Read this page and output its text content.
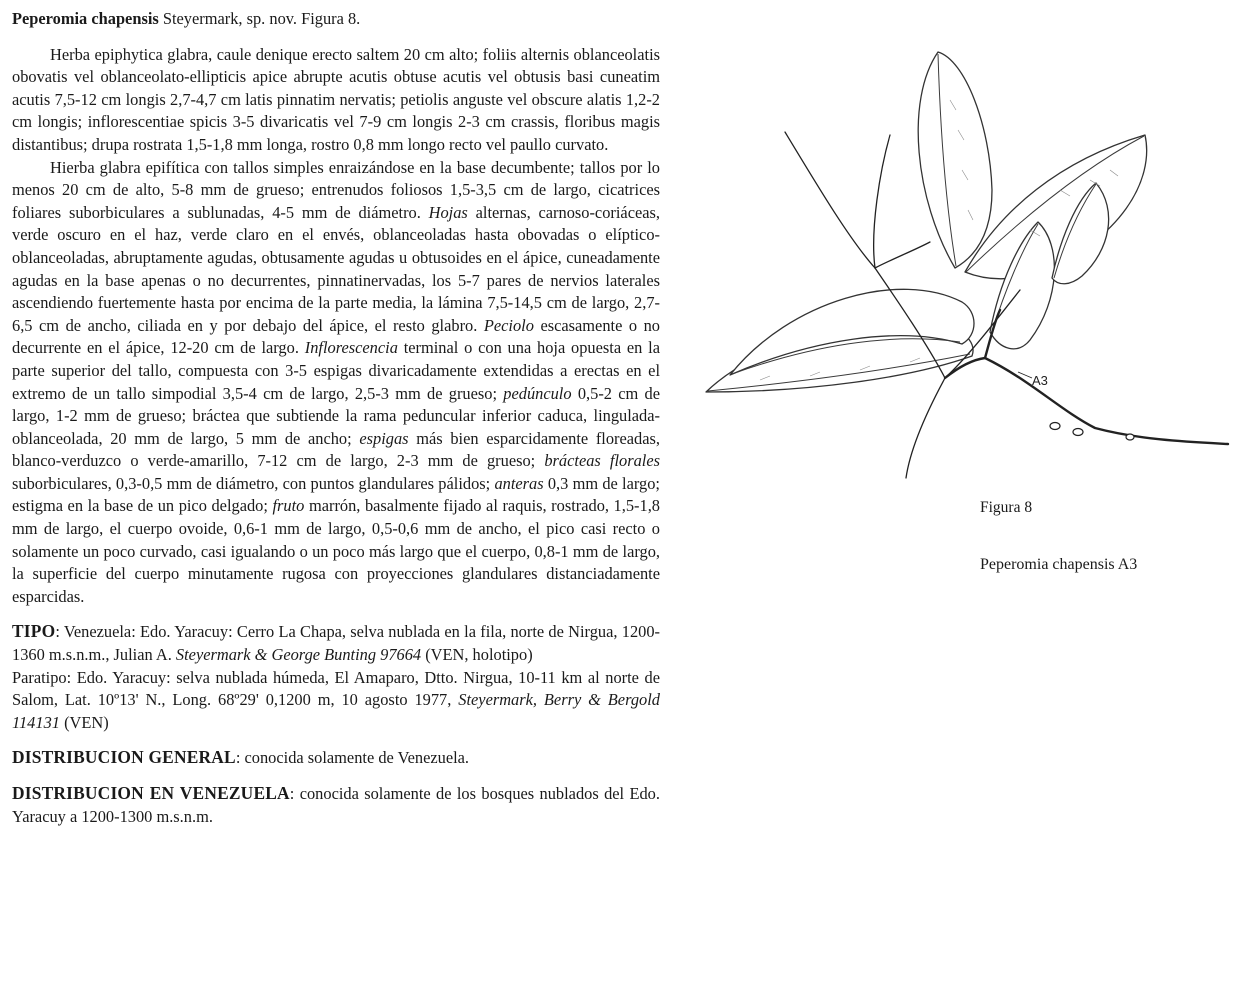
Peperomia chapensis Steyermark, sp. nov. Figura 8.

Herba epiphytica glabra, caule denique erecto saltem 20 cm alto; foliis alternis oblanceolatis obovatis vel oblanceolato-ellipticis apice abrupte acutis obtuse acutis vel obtusis basi cuneatim acutis 7,5-12 cm longis 2,7-4,7 cm latis pinnatim nervatis; petiolis anguste vel obscure alatis 1,2-2 cm longis; inflorescentiae spicis 3-5 divaricatis vel 7-9 cm longis 2-3 cm crassis, floribus magis distantibus; drupa rostrata 1,5-1,8 mm longa, rostro 0,8 mm longo recto vel paullo curvato.

Hierba glabra epifítica con tallos simples enraizándose en la base decumbente; tallos por lo menos 20 cm de alto, 5-8 mm de grueso; entrenudos foliosos 1,5-3,5 cm de largo, cicatrices foliares suborbiculares a sublunadas, 4-5 mm de diámetro. Hojas alternas, carnoso-coriáceas, verde oscuro en el haz, verde claro en el envés, oblanceoladas hasta obovadas o elíptico-oblanceoladas, abruptamente agudas, obtusamente agudas u obtusoides en el ápice, cuneadamente agudas en la base apenas o no decurrentes, pinnatinervadas, los 5-7 pares de nervios laterales ascendiendo fuertemente hasta por encima de la parte media, la lámina 7,5-14,5 cm de largo, 2,7-6,5 cm de ancho, ciliada en y por debajo del ápice, el resto glabro. Peciolo escasamente o no decurrente en el ápice, 12-20 cm de largo. Inflorescencia terminal o con una hoja opuesta en la parte superior del tallo, compuesta con 3-5 espigas divaricadamente extendidas a erectas en el extremo de un tallo simpodial 3,5-4 cm de largo, 2,5-3 mm de grueso; pedúnculo 0,5-2 cm de largo, 1-2 mm de grueso; bráctea que subtiende la rama peduncular inferior caduca, lingulada-oblanceolada, 20 mm de largo, 5 mm de ancho; espigas más bien esparcidamente floreadas, blanco-verduzco o verde-amarillo, 7-12 cm de largo, 2-3 mm de grueso; brácteas florales suborbiculares, 0,3-0,5 mm de diámetro, con puntos glandulares pálidos; anteras 0,3 mm de largo; estigma en la base de un pico delgado; fruto marrón, basalmente fijado al raquis, rostrado, 1,5-1,8 mm de largo, el cuerpo ovoide, 0,6-1 mm de largo, 0,5-0,6 mm de ancho, el pico casi recto o solamente un poco curvado, casi igualando o un poco más largo que el cuerpo, 0,8-1 mm de largo, la superficie del cuerpo minutamente rugosa con proyecciones glandulares distanciadamente esparcidas.

TIPO: Venezuela: Edo. Yaracuy: Cerro La Chapa, selva nublada en la fila, norte de Nirgua, 1200-1360 m.s.n.m., Julian A. Steyermark & George Bunting 97664 (VEN, holotipo)

Paratipo: Edo. Yaracuy: selva nublada húmeda, El Amaparo, Dtto. Nirgua, 10-11 km al norte de Salom, Lat. 10º13' N., Long. 68º29' 0,1200 m, 10 agosto 1977, Steyermark, Berry & Bergold 114131 (VEN)

DISTRIBUCION GENERAL: conocida solamente de Venezuela.

DISTRIBUCION EN VENEZUELA: conocida solamente de los bosques nublados del Edo. Yaracuy a 1200-1300 m.s.n.m.

A3
Figura 8
Peperomia chapensis A3
